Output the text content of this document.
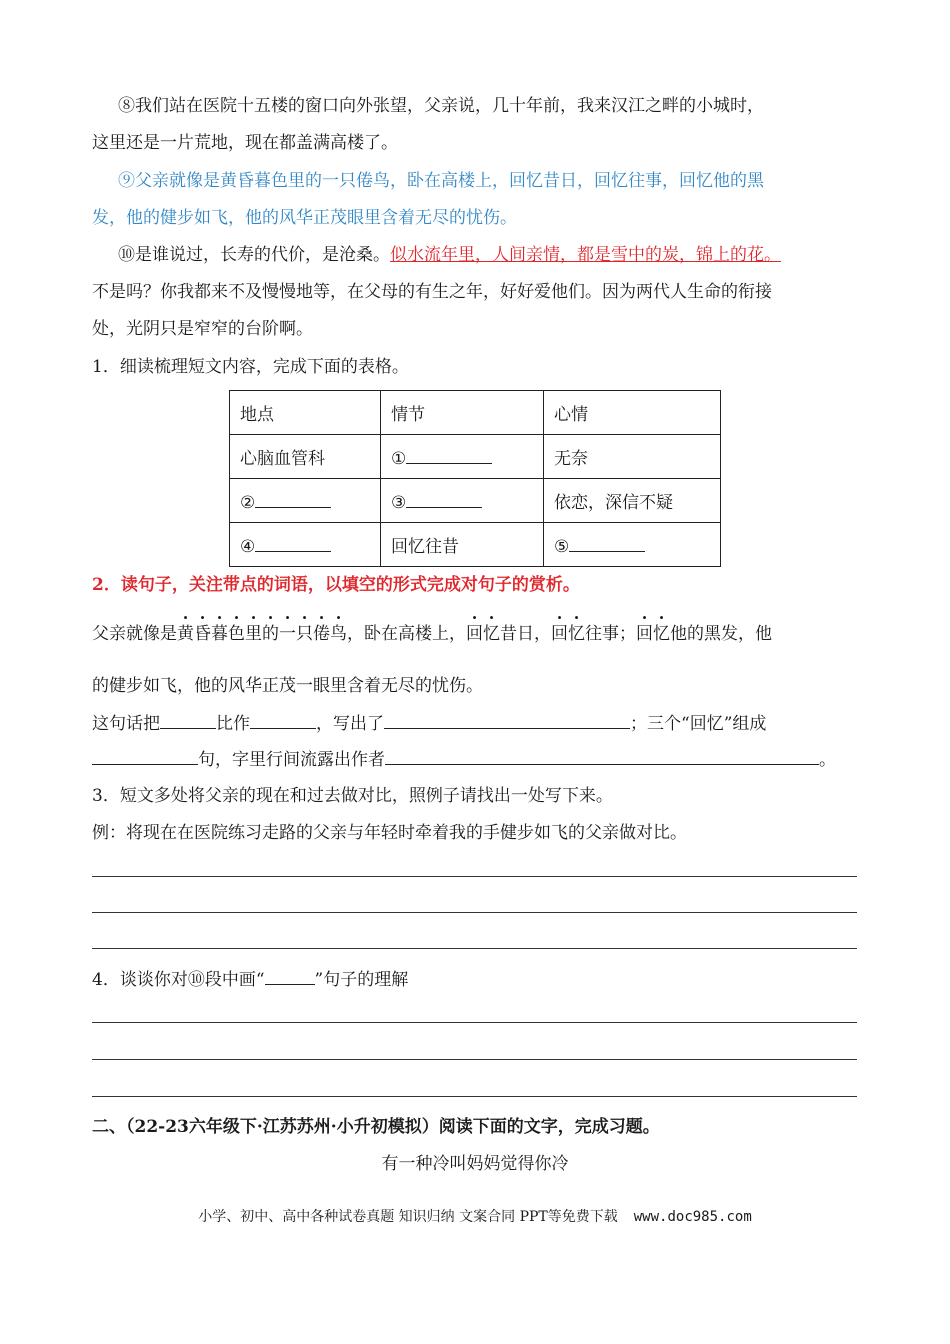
⑧我们站在医院十五楼的窗口向外张望，父亲说，几十年前，我来汉江之畔的小城时，
这里还是一片荒地，现在都盖满高楼了。
⑨父亲就像是黄昏暮色里的一只倦鸟，卧在高楼上，回忆昔日，回忆往事，回忆他的黑
发，他的健步如飞，他的风华正茂眼里含着无尽的忧伤。
⑩是谁说过，长寿的代价，是沧桑。似水流年里，人间亲情，都是雪中的炭，锦上的花。
不是吗？你我都来不及慢慢地等，在父母的有生之年，好好爱他们。因为两代人生命的衔接
处，光阴只是窄窄的台阶啊。
1．细读梳理短文内容，完成下面的表格。
地点	情节	心情
心脑血管科	①	无奈
②	③	依恋，深信不疑
④	回忆往昔	⑤
2．读句子，关注带点的词语，以填空的形式完成对句子的赏析。
父亲就像是黄昏暮色里的一只倦鸟，卧在高楼上，回忆昔日，回忆往事；回忆他的黑发，他
的健步如飞，他的风华正茂一眼里含着无尽的忧伤。
这句话把	比作	，写出了	；三个“回忆”组成
句，字里行间流露出作者	。
3．短文多处将父亲的现在和过去做对比，照例子请找出一处写下来。
例：将现在在医院练习走路的父亲与年轻时牵着我的手健步如飞的父亲做对比。
4．谈谈你对⑩段中画“	”句子的理解
二、（22-23六年级下·江苏苏州·小升初模拟）阅读下面的文字，完成习题。
有一种冷叫妈妈觉得你冷
小学、初中、高中各种试卷真题 知识归纳 文案合同 PPT等免费下载 www.doc985.com
